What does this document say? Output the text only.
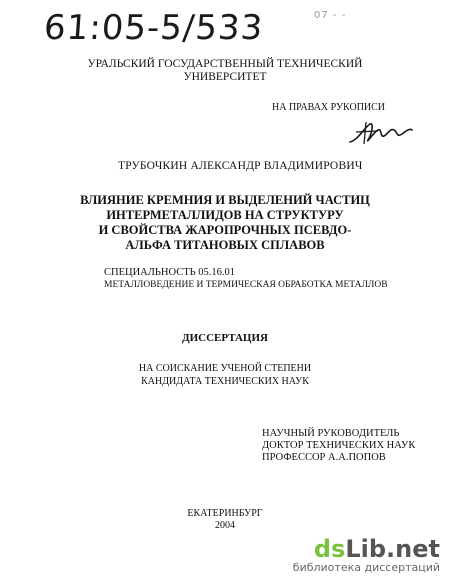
61:05-5/533	07 - -
УРАЛЬСКИЙ ГОСУДАРСТВЕННЫЙ ТЕХНИЧЕСКИЙ
УНИВЕРСИТЕТ
НА ПРАВАХ РУКОПИСИ
ТРУБОЧКИН АЛЕКСАНДР ВЛАДИМИРОВИЧ
ВЛИЯНИЕ КРЕМНИЯ И ВЫДЕЛЕНИЙ ЧАСТИЦ
ИНТЕРМЕТАЛЛИДОВ НА СТРУКТУРУ
И СВОЙСТВА ЖАРОПРОЧНЫХ ПСЕВДО-
АЛЬФА ТИТАНОВЫХ СПЛАВОВ
СПЕЦИАЛЬНОСТЬ 05.16.01
МЕТАЛЛОВЕДЕНИЕ И ТЕРМИЧЕСКАЯ ОБРАБОТКА МЕТАЛЛОВ
ДИССЕРТАЦИЯ
НА СОИСКАНИЕ УЧЕНОЙ СТЕПЕНИ
КАНДИДАТА ТЕХНИЧЕСКИХ НАУК
НАУЧНЫЙ РУКОВОДИТЕЛЬ
ДОКТОР ТЕХНИЧЕСКИХ НАУК
ПРОФЕССОР А.А.ПОПОВ
ЕКАТЕРИНБУРГ
2004
dsLib.net
библиотека диссертаций
